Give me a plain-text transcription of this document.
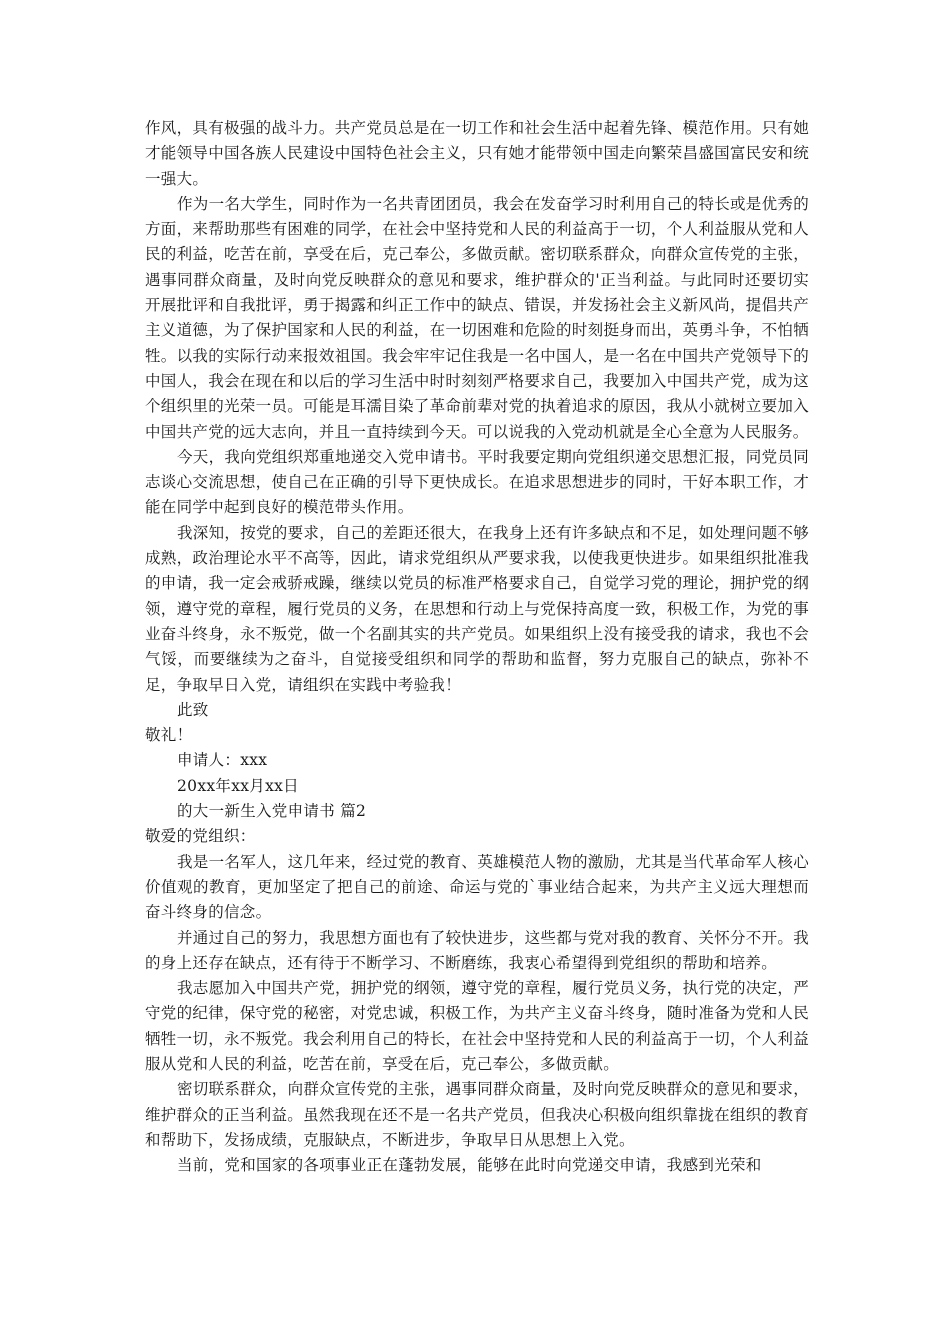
作风，具有极强的战斗力。共产党员总是在一切工作和社会生活中起着先锋、模范作用。只有她才能领导中国各族人民建设中国特色社会主义，只有她才能带领中国走向繁荣昌盛国富民安和统一强大。

作为一名大学生，同时作为一名共青团团员，我会在发奋学习时利用自己的特长或是优秀的方面，来帮助那些有困难的同学，在社会中坚持党和人民的利益高于一切，个人利益服从党和人民的利益，吃苦在前，享受在后，克己奉公，多做贡献。密切联系群众，向群众宣传党的主张，遇事同群众商量，及时向党反映群众的意见和要求，维护群众的'正当利益。与此同时还要切实开展批评和自我批评，勇于揭露和纠正工作中的缺点、错误，并发扬社会主义新风尚，提倡共产主义道德，为了保护国家和人民的利益，在一切困难和危险的时刻挺身而出，英勇斗争，不怕牺牲。以我的实际行动来报效祖国。我会牢牢记住我是一名中国人，是一名在中国共产党领导下的中国人，我会在现在和以后的学习生活中时时刻刻严格要求自己，我要加入中国共产党，成为这个组织里的光荣一员。可能是耳濡目染了革命前辈对党的执着追求的原因，我从小就树立要加入中国共产党的远大志向，并且一直持续到今天。可以说我的入党动机就是全心全意为人民服务。

今天，我向党组织郑重地递交入党申请书。平时我要定期向党组织递交思想汇报，同党员同志谈心交流思想，使自己在正确的引导下更快成长。在追求思想进步的同时，干好本职工作，才能在同学中起到良好的模范带头作用。

我深知，按党的要求，自己的差距还很大，在我身上还有许多缺点和不足，如处理问题不够成熟，政治理论水平不高等，因此，请求党组织从严要求我，以使我更快进步。如果组织批准我的申请，我一定会戒骄戒躁，继续以党员的标准严格要求自己，自觉学习党的理论，拥护党的纲领，遵守党的章程，履行党员的义务，在思想和行动上与党保持高度一致，积极工作，为党的事业奋斗终身，永不叛党，做一个名副其实的共产党员。如果组织上没有接受我的请求，我也不会气馁，而要继续为之奋斗，自觉接受组织和同学的帮助和监督，努力克服自己的缺点，弥补不足，争取早日入党，请组织在实践中考验我！

此致

敬礼！

申请人：xxx

20xx年xx月xx日

的大一新生入党申请书 篇2

敬爱的党组织：

我是一名军人，这几年来，经过党的教育、英雄模范人物的激励，尤其是当代革命军人核心价值观的教育，更加坚定了把自己的前途、命运与党的`事业结合起来，为共产主义远大理想而奋斗终身的信念。

并通过自己的努力，我思想方面也有了较快进步，这些都与党对我的教育、关怀分不开。我的身上还存在缺点，还有待于不断学习、不断磨练，我衷心希望得到党组织的帮助和培养。

我志愿加入中国共产党，拥护党的纲领，遵守党的章程，履行党员义务，执行党的决定，严守党的纪律，保守党的秘密，对党忠诚，积极工作，为共产主义奋斗终身，随时准备为党和人民牺牲一切，永不叛党。我会利用自己的特长，在社会中坚持党和人民的利益高于一切，个人利益服从党和人民的利益，吃苦在前，享受在后，克己奉公，多做贡献。

密切联系群众，向群众宣传党的主张，遇事同群众商量，及时向党反映群众的意见和要求，维护群众的正当利益。虽然我现在还不是一名共产党员，但我决心积极向组织靠拢在组织的教育和帮助下，发扬成绩，克服缺点，不断进步，争取早日从思想上入党。

当前，党和国家的各项事业正在蓬勃发展，能够在此时向党递交申请，我感到光荣和
